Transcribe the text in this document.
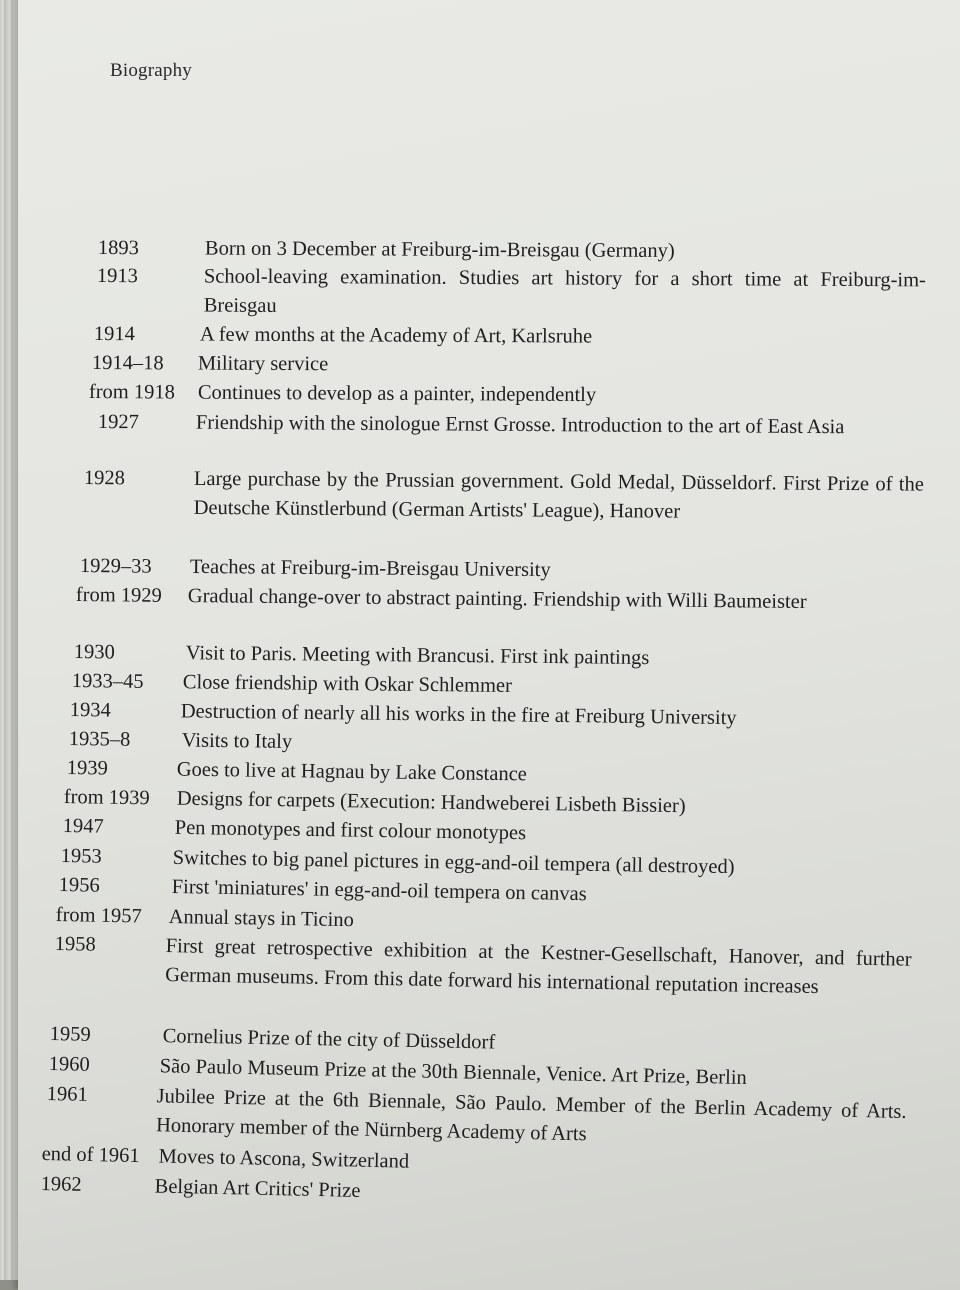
Biography
1893	Born on 3 December at Freiburg-im-Breisgau (Germany)
1913	School-leaving examination. Studies art history for a short time at Freiburg-im-Breisgau
1914	A few months at the Academy of Art, Karlsruhe
1914–18 Military service
from 1918 Continues to develop as a painter, independently
1927	Friendship with the sinologue Ernst Grosse. Introduction to the art of East Asia
1928	Large purchase by the Prussian government. Gold Medal, Düsseldorf. First Prize of the Deutsche Künstlerbund (German Artists' League), Hanover
1929–33 Teaches at Freiburg-im-Breisgau University
from 1929 Gradual change-over to abstract painting. Friendship with Willi Baumeister
1930	Visit to Paris. Meeting with Brancusi. First ink paintings
1933–45 Close friendship with Oskar Schlemmer
1934	Destruction of nearly all his works in the fire at Freiburg University
1935–8 Visits to Italy
1939	Goes to live at Hagnau by Lake Constance
from 1939 Designs for carpets (Execution: Handweberei Lisbeth Bissier)
1947	Pen monotypes and first colour monotypes
1953	Switches to big panel pictures in egg-and-oil tempera (all destroyed)
1956	First 'miniatures' in egg-and-oil tempera on canvas
from 1957 Annual stays in Ticino
1958	First great retrospective exhibition at the Kestner-Gesellschaft, Hanover, and further German museums. From this date forward his international reputation increases
1959	Cornelius Prize of the city of Düsseldorf
1960	São Paulo Museum Prize at the 30th Biennale, Venice. Art Prize, Berlin
1961	Jubilee Prize at the 6th Biennale, São Paulo. Member of the Berlin Academy of Arts. Honorary member of the Nürnberg Academy of Arts
end of 1961 Moves to Ascona, Switzerland
1962	Belgian Art Critics' Prize
